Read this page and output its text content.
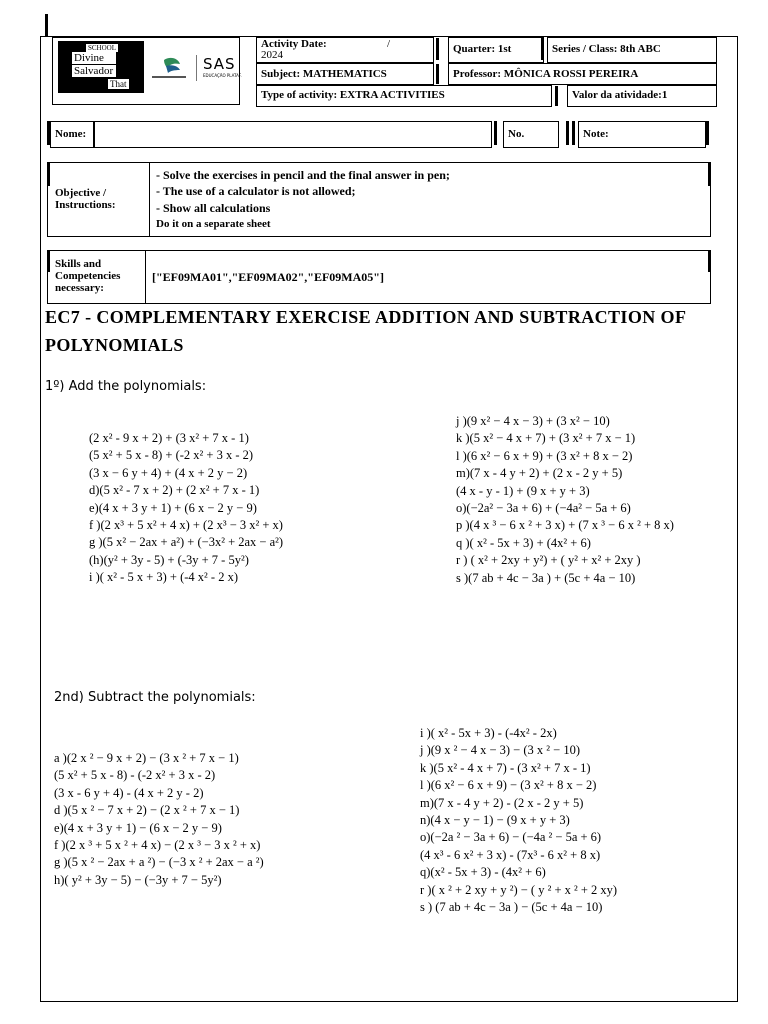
SCHOOL
Divine
Salvador
That
SAS
EDUCAÇÃO PLATAF.
Activity Date:	/
2024	Quarter: 1st	Series / Class: 8th ABC
Subject: MATHEMATICS	Professor: MÔNICA ROSSI PEREIRA
Type of activity: EXTRA ACTIVITIES	Valor da atividade:1
Nome:	No.	Note:
Objective /
Instructions:
- Solve the exercises in pencil and the final answer in pen;
- The use of a calculator is not allowed;
- Show all calculations
Do it on a separate sheet
Skills and
Competencies
necessary:
["EF09MA01","EF09MA02","EF09MA05"]
EC7 - COMPLEMENTARY EXERCISE ADDITION AND SUBTRACTION OF
POLYNOMIALS
1º) Add the polynomials:
(2 x² - 9 x + 2) + (3 x² + 7 x - 1)
(5 x² + 5 x - 8) + (-2 x² + 3 x - 2)
(3 x − 6 y + 4) + (4 x + 2 y − 2)
d)(5 x² - 7 x + 2) + (2 x² + 7 x - 1)
e)(4 x + 3 y + 1) + (6 x − 2 y − 9)
f )(2 x³ + 5 x² + 4 x) + (2 x³ − 3 x² + x)
g )(5 x² − 2ax + a²) + (−3x² + 2ax − a²)
(h)(y² + 3y - 5) + (-3y + 7 - 5y²)
i )( x² - 5 x + 3) + (-4 x² - 2 x)
j )(9 x² − 4 x − 3) + (3 x² − 10)
k )(5 x² − 4 x + 7) + (3 x² + 7 x − 1)
l )(6 x² − 6 x + 9) + (3 x² + 8 x − 2)
m)(7 x - 4 y + 2) + (2 x - 2 y + 5)
(4 x - y - 1) + (9 x + y + 3)
o)(−2a² − 3a + 6) + (−4a² − 5a + 6)
p )(4 x ³ − 6 x ² + 3 x) + (7 x ³ − 6 x ² + 8 x)
q )( x² - 5x + 3) + (4x² + 6)
r ) ( x² + 2xy + y²) + ( y² + x² + 2xy )
s )(7 ab + 4c − 3a ) + (5c + 4a − 10)
2nd) Subtract the polynomials:
a )(2 x ² − 9 x + 2) − (3 x ² + 7 x − 1)
(5 x² + 5 x - 8) - (-2 x² + 3 x - 2)
(3 x - 6 y + 4) - (4 x + 2 y - 2)
d )(5 x ² − 7 x + 2) − (2 x ² + 7 x − 1)
e)(4 x + 3 y + 1) − (6 x − 2 y − 9)
f )(2 x ³ + 5 x ² + 4 x) − (2 x ³ − 3 x ² + x)
g )(5 x ² − 2ax + a ²) − (−3 x ² + 2ax − a ²)
h)( y² + 3y − 5) − (−3y + 7 − 5y²)
i )( x² - 5x + 3) - (-4x² - 2x)
j )(9 x ² − 4 x − 3) − (3 x ² − 10)
k )(5 x² - 4 x + 7) - (3 x² + 7 x - 1)
l )(6 x² − 6 x + 9) − (3 x² + 8 x − 2)
m)(7 x - 4 y + 2) - (2 x - 2 y + 5)
n)(4 x − y − 1) − (9 x + y + 3)
o)(−2a ² − 3a + 6) − (−4a ² − 5a + 6)
(4 x³ - 6 x² + 3 x) - (7x³ - 6 x² + 8 x)
q)(x² - 5x + 3) - (4x² + 6)
r )( x ² + 2 xy + y ²) − ( y ² + x ² + 2 xy)
s ) (7 ab + 4c − 3a ) − (5c + 4a − 10)
